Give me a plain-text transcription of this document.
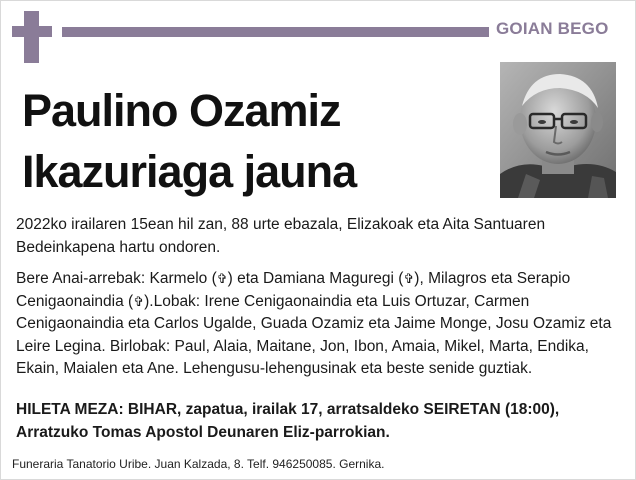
GOIAN BEGO
Paulino Ozamiz
Ikazuriaga jauna
2022ko irailaren 15ean hil zan, 88 urte ebazala, Elizakoak eta Aita Santuaren Bedeinkapena hartu ondoren.
Bere Anai-arrebak: Karmelo (✞) eta Damiana Maguregi (✞), Milagros eta Serapio Cenigaonaindia (✞).Lobak: Irene Cenigaonaindia eta Luis Ortuzar, Carmen Cenigaonaindia eta Carlos Ugalde, Guada Ozamiz eta Jaime Monge, Josu Ozamiz eta Leire Legina. Birlobak: Paul, Alaia, Maitane, Jon, Ibon, Amaia, Mikel, Marta, Endika, Ekain, Maialen eta Ane. Lehengusu-lehengusinak eta beste senide guztiak.
HILETA MEZA: BIHAR, zapatua, irailak 17, arratsaldeko SEIRETAN (18:00), Arratzuko Tomas Apostol Deunaren Eliz-parrokian.
Funeraria Tanatorio Uribe. Juan Kalzada, 8. Telf. 946250085. Gernika.
